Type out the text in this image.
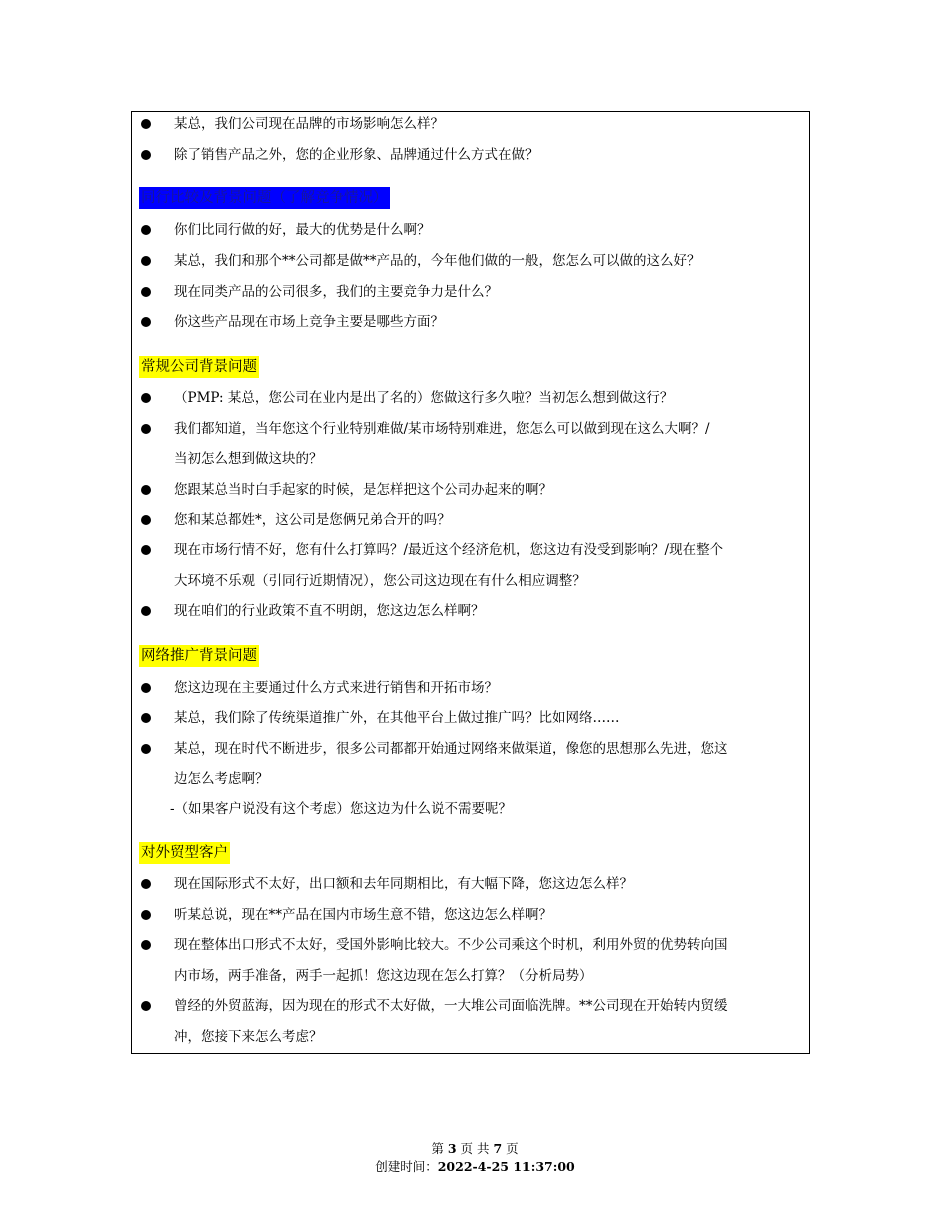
某总，我们公司现在品牌的市场影响怎么样？
除了销售产品之外，您的企业形象、品牌通过什么方式在做？
同行比较及背景问题（了解竞争情况）
你们比同行做的好，最大的优势是什么啊？
某总，我们和那个**公司都是做**产品的，今年他们做的一般，您怎么可以做的这么好？
现在同类产品的公司很多，我们的主要竞争力是什么？
你这些产品现在市场上竞争主要是哪些方面？
常规公司背景问题
（PMP: 某总，您公司在业内是出了名的）您做这行多久啦？当初怎么想到做这行？
我们都知道，当年您这个行业特别难做/某市场特别难进，您怎么可以做到现在这么大啊？/
当初怎么想到做这块的？
您跟某总当时白手起家的时候，是怎样把这个公司办起来的啊？
您和某总都姓*，这公司是您俩兄弟合开的吗？
现在市场行情不好，您有什么打算吗？/最近这个经济危机，您这边有没受到影响？/现在整个
大环境不乐观（引同行近期情况），您公司这边现在有什么相应调整？
现在咱们的行业政策不直不明朗，您这边怎么样啊？
网络推广背景问题
您这边现在主要通过什么方式来进行销售和开拓市场？
某总，我们除了传统渠道推广外，在其他平台上做过推广吗？比如网络……
某总，现在时代不断进步，很多公司都都开始通过网络来做渠道，像您的思想那么先进，您这
边怎么考虑啊？
-（如果客户说没有这个考虑）您这边为什么说不需要呢？
对外贸型客户
现在国际形式不太好，出口额和去年同期相比，有大幅下降，您这边怎么样？
听某总说，现在**产品在国内市场生意不错，您这边怎么样啊？
现在整体出口形式不太好，受国外影响比较大。不少公司乘这个时机，利用外贸的优势转向国
内市场，两手准备，两手一起抓！您这边现在怎么打算？（分析局势）
曾经的外贸蓝海，因为现在的形式不太好做，一大堆公司面临洗牌。**公司现在开始转内贸缓
冲，您接下来怎么考虑？
第 3 页 共 7 页
创建时间：2022-4-25 11:37:00
